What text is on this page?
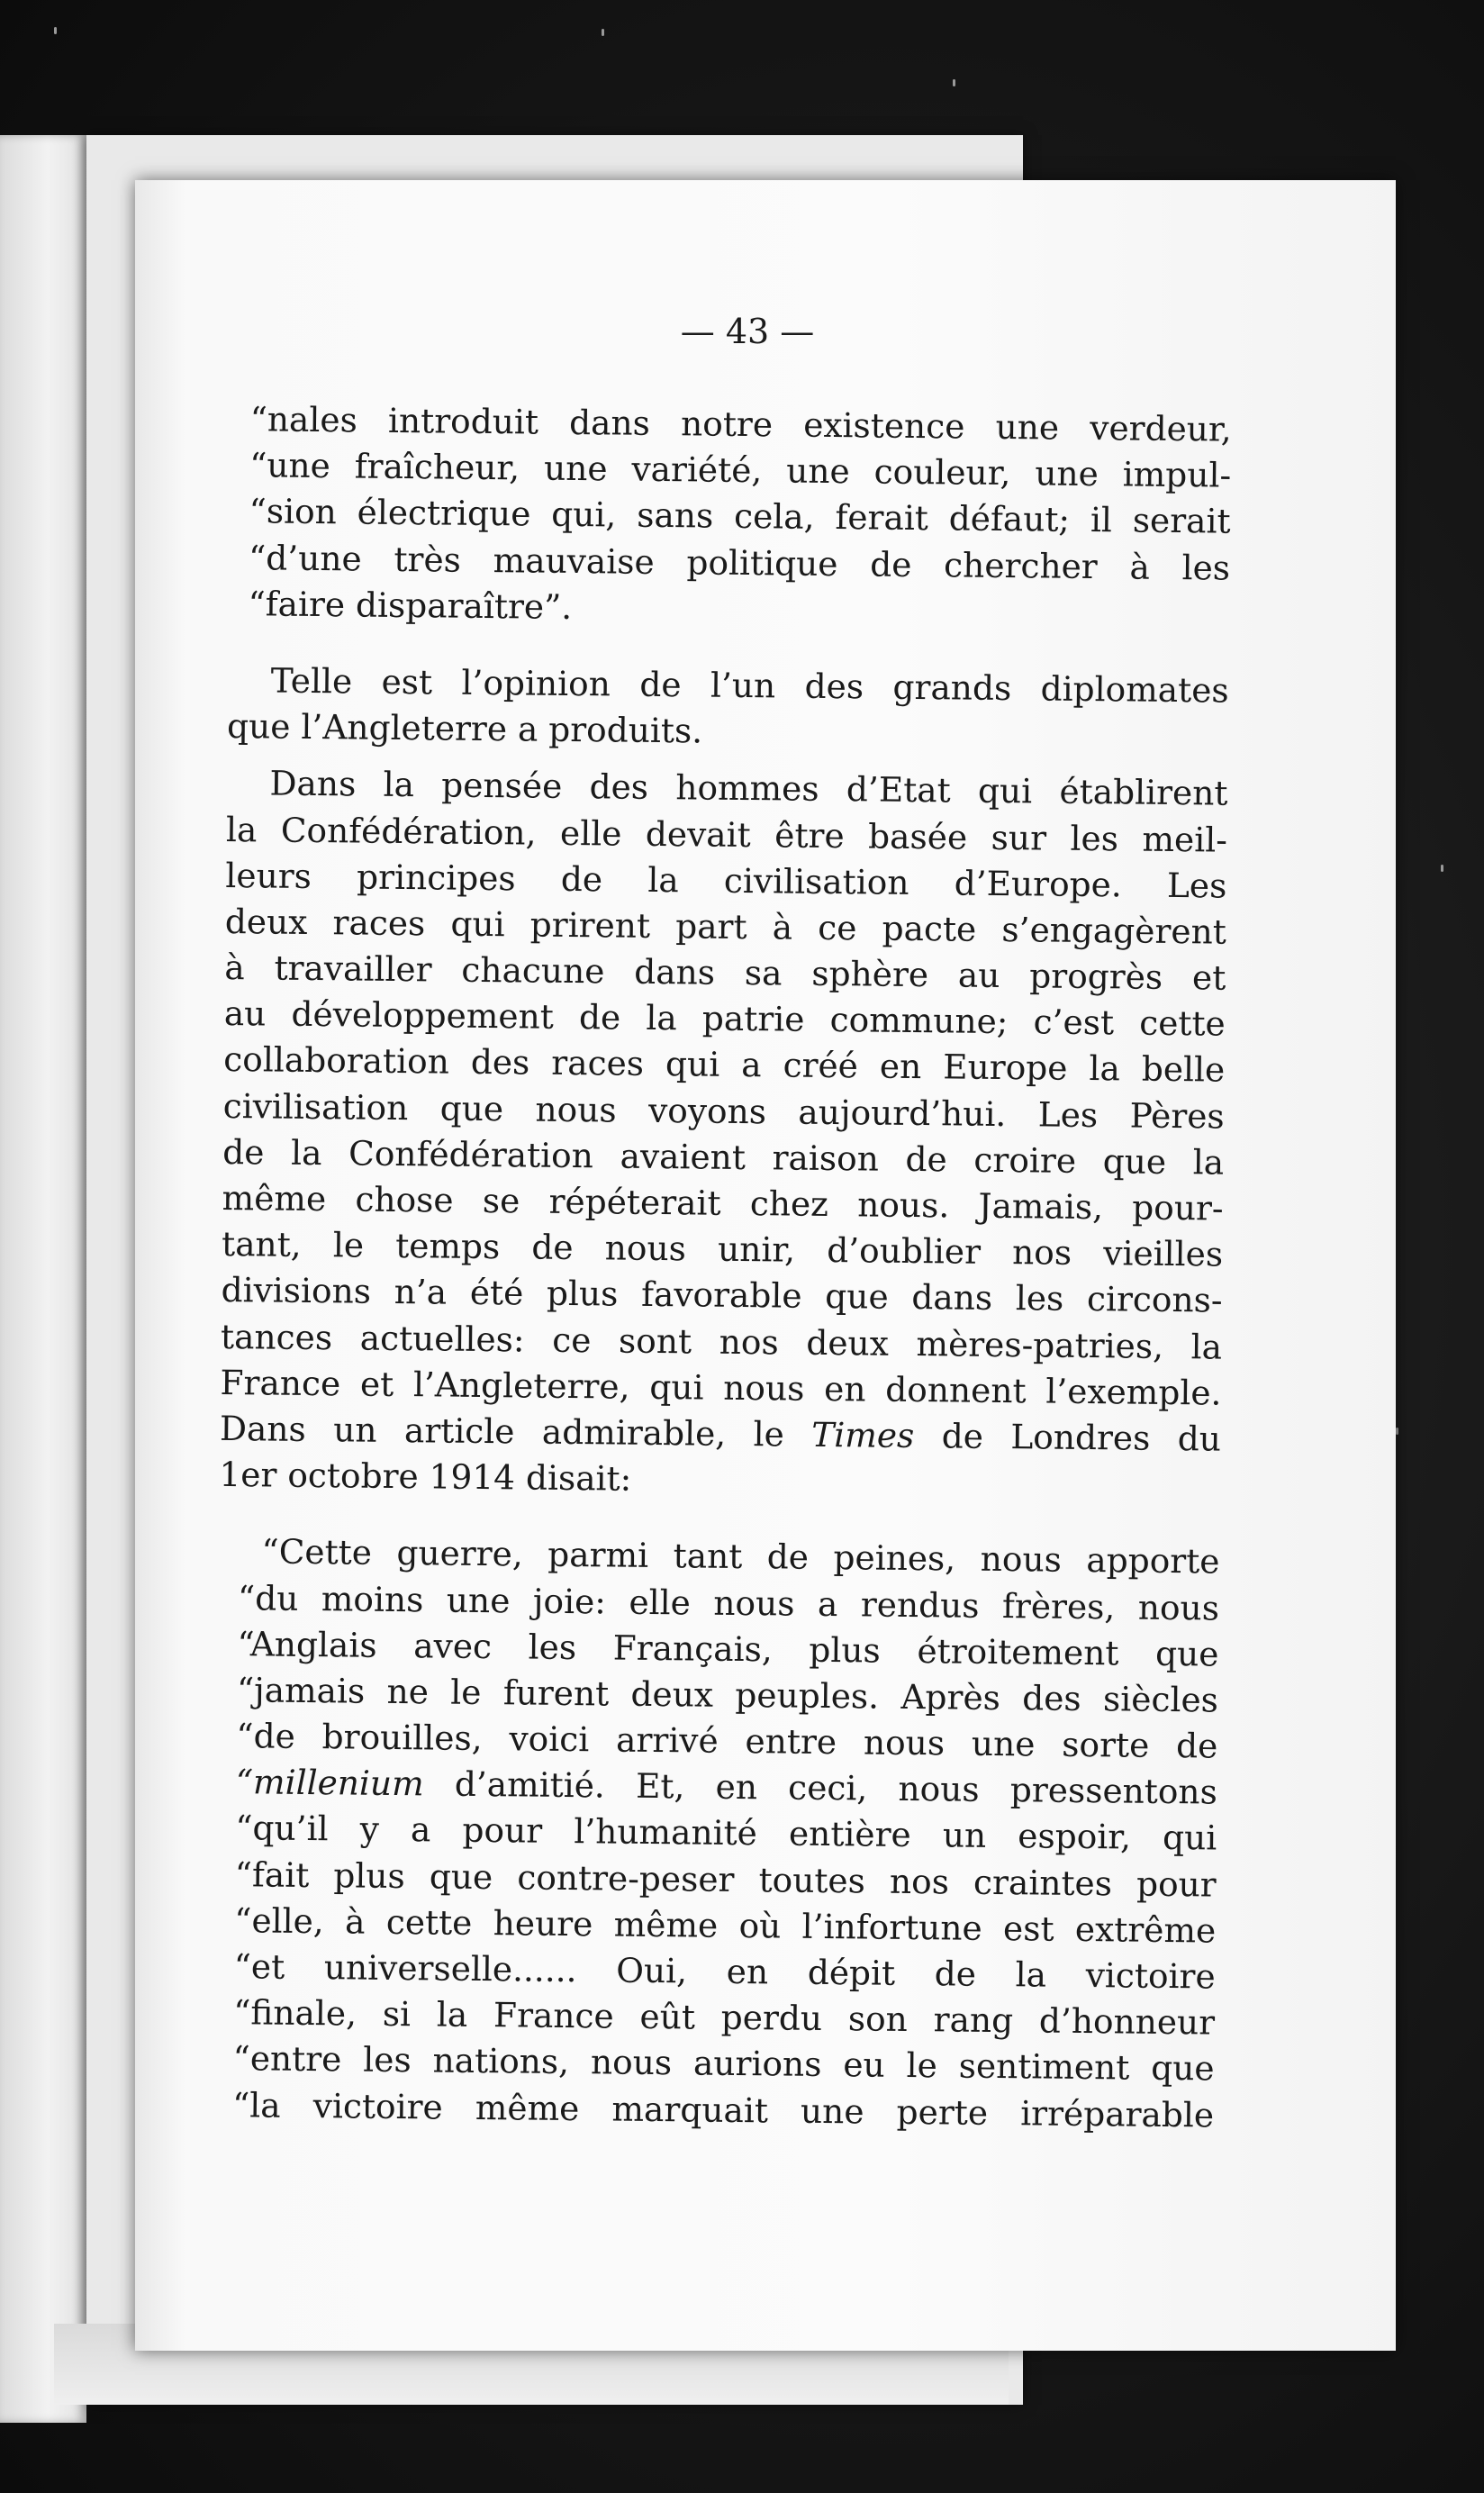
— 43 —
“nales introduit dans notre existence une verdeur,
“une fraîcheur, une variété, une couleur, une impul-
“sion électrique qui, sans cela, ferait défaut; il serait
“d’une très mauvaise politique de chercher à les
“faire disparaître”.
Telle est l’opinion de l’un des grands diplomates
que l’Angleterre a produits.
Dans la pensée des hommes d’Etat qui établirent
la Confédération, elle devait être basée sur les meil-
leurs principes de la civilisation d’Europe. Les
deux races qui prirent part à ce pacte s’engagèrent
à travailler chacune dans sa sphère au progrès et
au développement de la patrie commune; c’est cette
collaboration des races qui a créé en Europe la belle
civilisation que nous voyons aujourd’hui. Les Pères
de la Confédération avaient raison de croire que la
même chose se répéterait chez nous. Jamais, pour-
tant, le temps de nous unir, d’oublier nos vieilles
divisions n’a été plus favorable que dans les circons-
tances actuelles: ce sont nos deux mères-patries, la
France et l’Angleterre, qui nous en donnent l’exemple.
Dans un article admirable, le Times de Londres du
1er octobre 1914 disait:
“Cette guerre, parmi tant de peines, nous apporte
“du moins une joie: elle nous a rendus frères, nous
“Anglais avec les Français, plus étroitement que
“jamais ne le furent deux peuples. Après des siècles
“de brouilles, voici arrivé entre nous une sorte de
“millenium d’amitié. Et, en ceci, nous pressentons
“qu’il y a pour l’humanité entière un espoir, qui
“fait plus que contre-peser toutes nos craintes pour
“elle, à cette heure même où l’infortune est extrême
“et universelle...... Oui, en dépit de la victoire
“finale, si la France eût perdu son rang d’honneur
“entre les nations, nous aurions eu le sentiment que
“la victoire même marquait une perte irréparable
